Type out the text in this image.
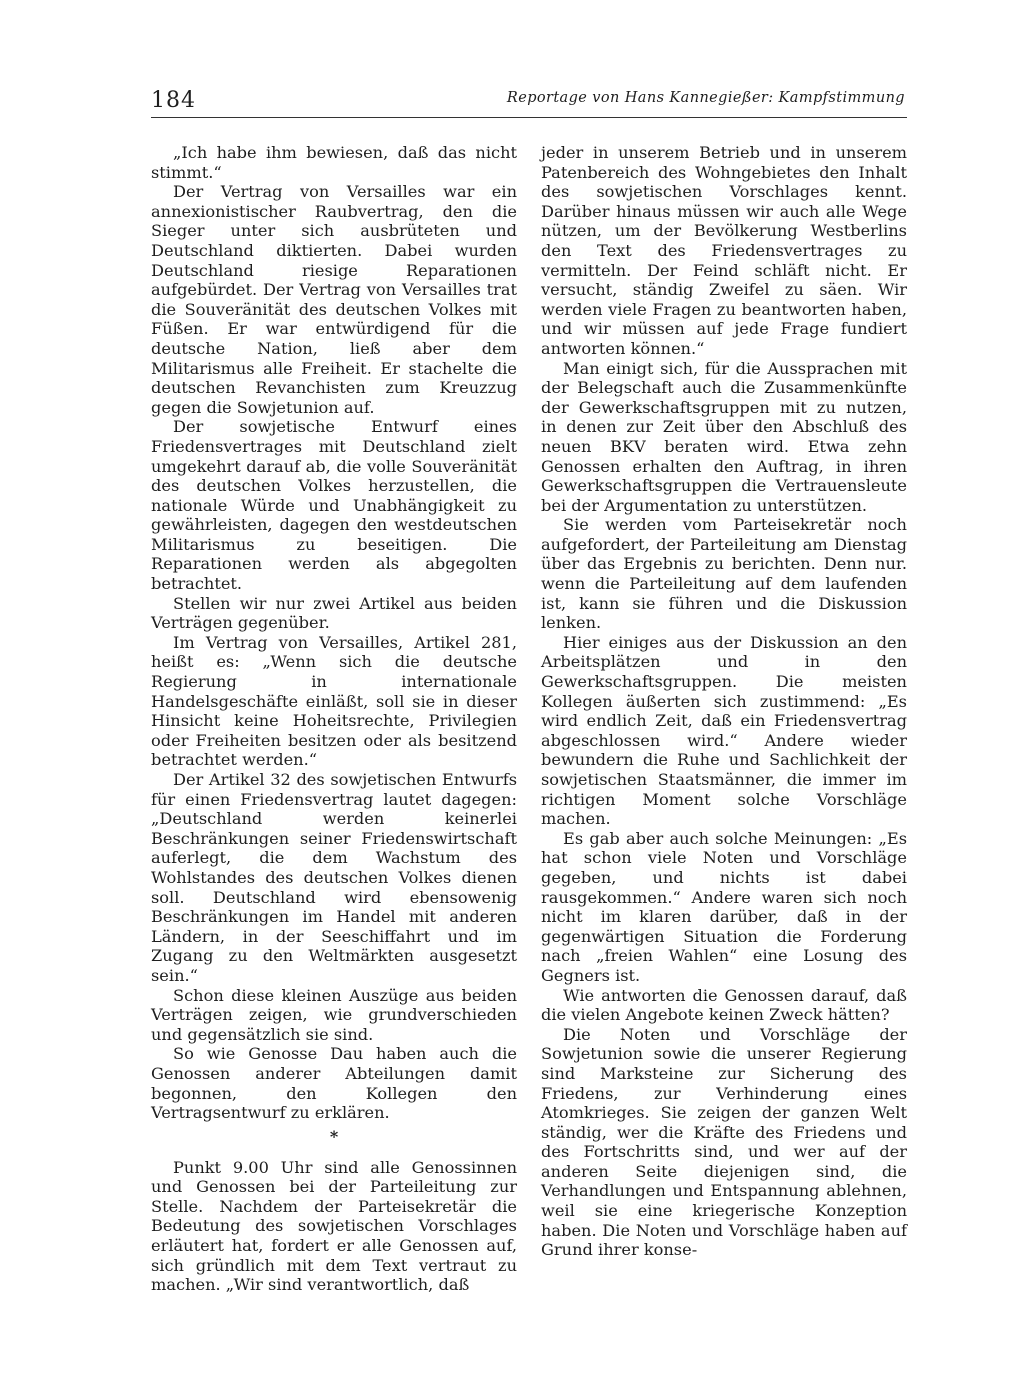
184	Reportage von Hans Kannegießer: Kampfstimmung

„Ich habe ihm bewiesen, daß das nicht stimmt.“

Der Vertrag von Versailles war ein annexionistischer Raubvertrag, den die Sieger unter sich ausbrüteten und Deutschland diktierten. Dabei wurden Deutschland riesige Reparationen aufgebürdet. Der Vertrag von Versailles trat die Souveränität des deutschen Volkes mit Füßen. Er war entwürdigend für die deutsche Nation, ließ aber dem Militarismus alle Freiheit. Er stachelte die deutschen Revanchisten zum Kreuzzug gegen die Sowjetunion auf.

Der sowjetische Entwurf eines Friedensvertrages mit Deutschland zielt umgekehrt darauf ab, die volle Souveränität des deutschen Volkes herzustellen, die nationale Würde und Unabhängigkeit zu gewährleisten, dagegen den westdeutschen Militarismus zu beseitigen. Die Reparationen werden als abgegolten betrachtet.

Stellen wir nur zwei Artikel aus beiden Verträgen gegenüber.

Im Vertrag von Versailles, Artikel 281, heißt es: „Wenn sich die deutsche Regierung in internationale Handelsgeschäfte einläßt, soll sie in dieser Hinsicht keine Hoheitsrechte, Privilegien oder Freiheiten besitzen oder als besitzend betrachtet werden.“

Der Artikel 32 des sowjetischen Entwurfs für einen Friedensvertrag lautet dagegen: „Deutschland werden keinerlei Beschränkungen seiner Friedenswirtschaft auferlegt, die dem Wachstum des Wohlstandes des deutschen Volkes dienen soll. Deutschland wird ebensowenig Beschränkungen im Handel mit anderen Ländern, in der Seeschiffahrt und im Zugang zu den Weltmärkten ausgesetzt sein.“

Schon diese kleinen Auszüge aus beiden Verträgen zeigen, wie grundverschieden und gegensätzlich sie sind.

So wie Genosse Dau haben auch die Genossen anderer Abteilungen damit begonnen, den Kollegen den Vertragsentwurf zu erklären.

*

Punkt 9.00 Uhr sind alle Genossinnen und Genossen bei der Parteileitung zur Stelle. Nachdem der Parteisekretär die Bedeutung des sowjetischen Vorschlages erläutert hat, fordert er alle Genossen auf, sich gründlich mit dem Text vertraut zu machen. „Wir sind verantwortlich, daß

jeder in unserem Betrieb und in unserem Patenbereich des Wohngebietes den Inhalt des sowjetischen Vorschlages kennt. Darüber hinaus müssen wir auch alle Wege nützen, um der Bevölkerung Westberlins den Text des Friedensvertrages zu vermitteln. Der Feind schläft nicht. Er versucht, ständig Zweifel zu säen. Wir werden viele Fragen zu beantworten haben, und wir müssen auf jede Frage fundiert antworten können.“

Man einigt sich, für die Aussprachen mit der Belegschaft auch die Zusammenkünfte der Gewerkschaftsgruppen mit zu nutzen, in denen zur Zeit über den Abschluß des neuen BKV beraten wird. Etwa zehn Genossen erhalten den Auftrag, in ihren Gewerkschaftsgruppen die Vertrauensleute bei der Argumentation zu unterstützen.

Sie werden vom Parteisekretär noch aufgefordert, der Parteileitung am Dienstag über das Ergebnis zu berichten. Denn nur. wenn die Parteileitung auf dem laufenden ist, kann sie führen und die Diskussion lenken.

Hier einiges aus der Diskussion an den Arbeitsplätzen und in den Gewerkschaftsgruppen. Die meisten Kollegen äußerten sich zustimmend: „Es wird endlich Zeit, daß ein Friedensvertrag abgeschlossen wird.“ Andere wieder bewundern die Ruhe und Sachlichkeit der sowjetischen Staatsmänner, die immer im richtigen Moment solche Vorschläge machen.

Es gab aber auch solche Meinungen: „Es hat schon viele Noten und Vorschläge gegeben, und nichts ist dabei rausgekommen.“ Andere waren sich noch nicht im klaren darüber, daß in der gegenwärtigen Situation die Forderung nach „freien Wahlen“ eine Losung des Gegners ist.

Wie antworten die Genossen darauf, daß die vielen Angebote keinen Zweck hätten?

Die Noten und Vorschläge der Sowjetunion sowie die unserer Regierung sind Marksteine zur Sicherung des Friedens, zur Verhinderung eines Atomkrieges. Sie zeigen der ganzen Welt ständig, wer die Kräfte des Friedens und des Fortschritts sind, und wer auf der anderen Seite diejenigen sind, die Verhandlungen und Entspannung ablehnen, weil sie eine kriegerische Konzeption haben. Die Noten und Vorschläge haben auf Grund ihrer konse-
